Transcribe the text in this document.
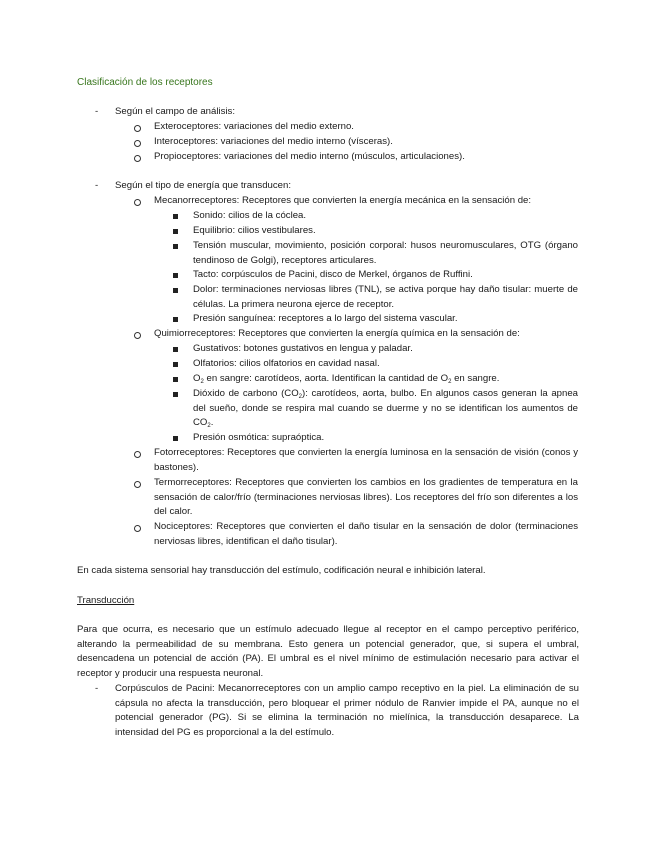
Clasificación de los receptores
- Según el campo de análisis:
Exteroceptores: variaciones del medio externo.
Interoceptores: variaciones del medio interno (vísceras).
Propioceptores: variaciones del medio interno (músculos, articulaciones).
- Según el tipo de energía que transducen:
Mecanorreceptores: Receptores que convierten la energía mecánica en la sensación de:
Sonido: cilios de la cóclea.
Equilibrio: cilios vestibulares.
Tensión muscular, movimiento, posición corporal: husos neuromusculares, OTG (órgano tendinoso de Golgi), receptores articulares.
Tacto: corpúsculos de Pacini, disco de Merkel, órganos de Ruffini.
Dolor: terminaciones nerviosas libres (TNL), se activa porque hay daño tisular: muerte de células. La primera neurona ejerce de receptor.
Presión sanguínea: receptores a lo largo del sistema vascular.
Quimiorreceptores: Receptores que convierten la energía química en la sensación de:
Gustativos: botones gustativos en lengua y paladar.
Olfatorios: cilios olfatorios en cavidad nasal.
$O_2$ en sangre: carotídeos, aorta. Identifican la cantidad de $O_2$ en sangre.
Dióxido de carbono $(CO_2)$: carotídeos, aorta, bulbo. En algunos casos generan la apnea del sueño, donde se respira mal cuando se duerme y no se identifican los aumentos de $CO_2$.
Presión osmótica: supraóptica.
Fotorreceptores: Receptores que convierten la energía luminosa en la sensación de visión (conos y bastones).
Termorreceptores: Receptores que convierten los cambios en los gradientes de temperatura en la sensación de calor/frío (terminaciones nerviosas libres). Los receptores del frío son diferentes a los del calor.
Nociceptores: Receptores que convierten el daño tisular en la sensación de dolor (terminaciones nerviosas libres, identifican el daño tisular).
En cada sistema sensorial hay transducción del estímulo, codificación neural e inhibición lateral.
Transducción
Para que ocurra, es necesario que un estímulo adecuado llegue al receptor en el campo perceptivo periférico, alterando la permeabilidad de su membrana. Esto genera un potencial generador, que, si supera el umbral, desencadena un potencial de acción (PA). El umbral es el nivel mínimo de estimulación necesario para activar el receptor y producir una respuesta neuronal.
- Corpúsculos de Pacini: Mecanorreceptores con un amplio campo receptivo en la piel. La eliminación de su cápsula no afecta la transducción, pero bloquear el primer nódulo de Ranvier impide el PA, aunque no el potencial generador (PG). Si se elimina la terminación no mielínica, la transducción desaparece. La intensidad del PG es proporcional a la del estímulo.
